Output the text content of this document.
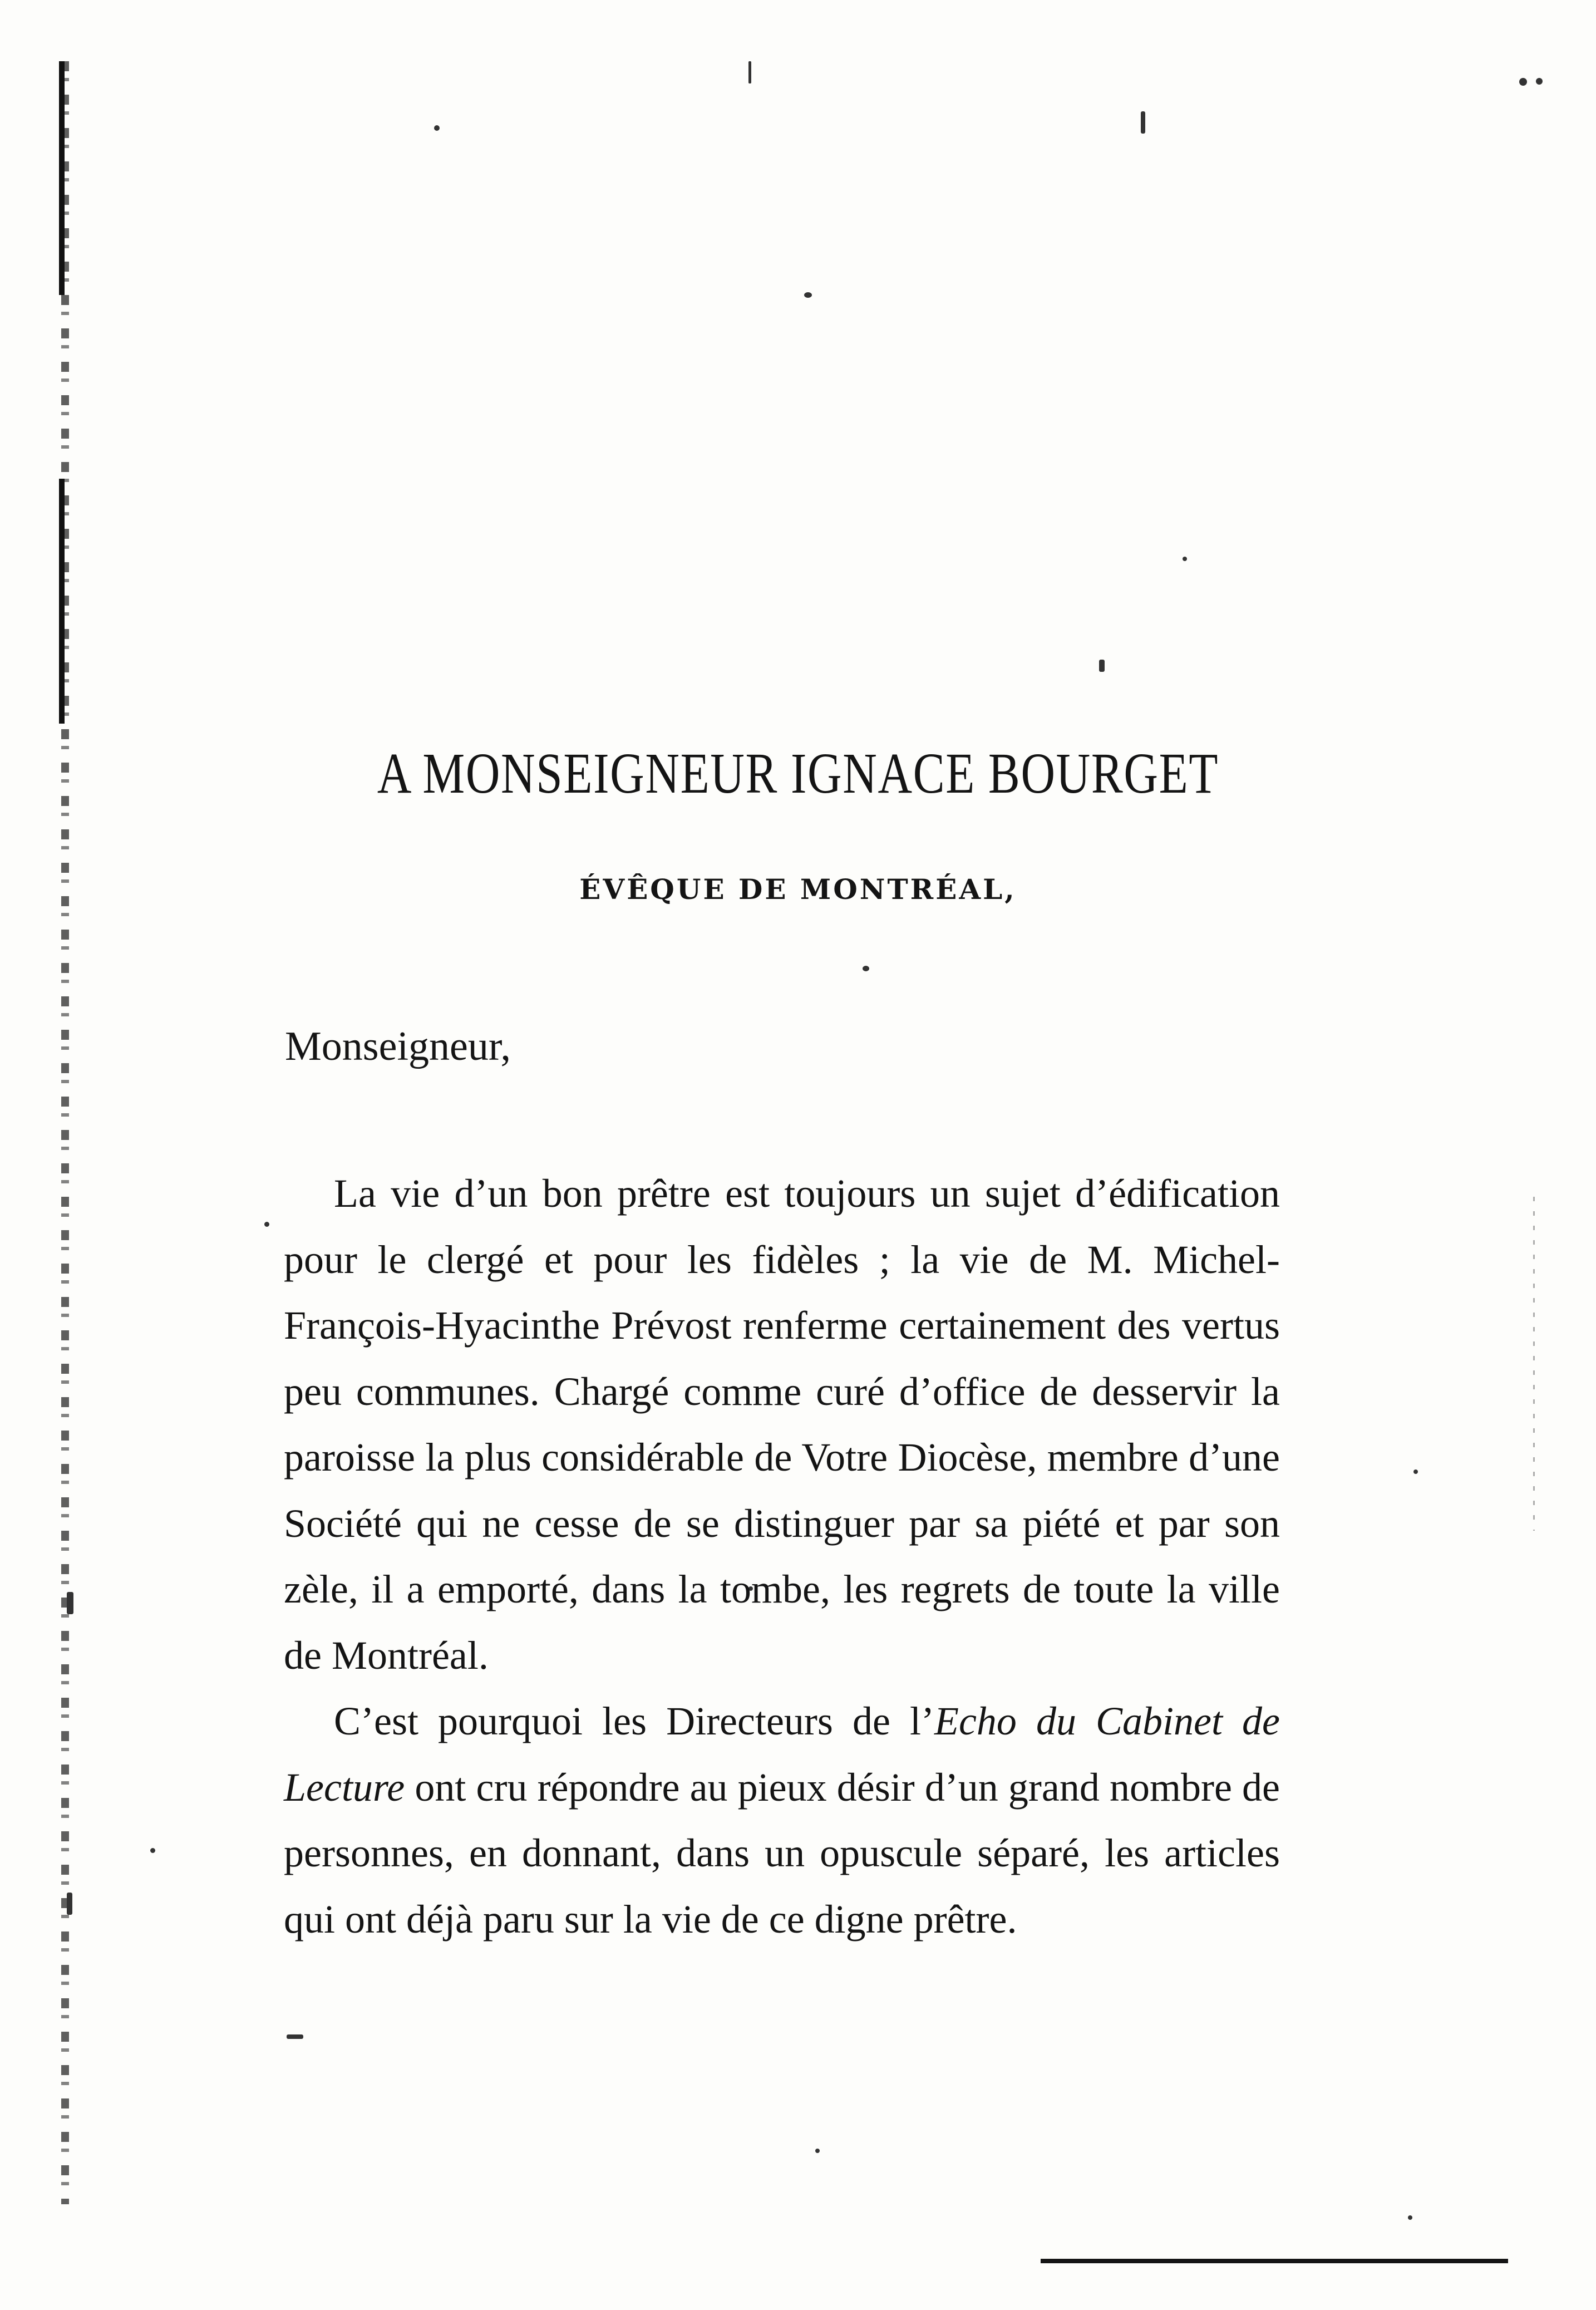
A MONSEIGNEUR IGNACE BOURGET
ÉVÊQUE DE MONTRÉAL,

Monseigneur,

La vie d’un bon prêtre est toujours un sujet d’édification pour le clergé et pour les fidèles ; la vie de M. Michel-François-Hyacinthe Prévost renferme certainement des vertus peu communes. Chargé comme curé d’office de desservir la paroisse la plus considérable de Votre Diocèse, membre d’une Société qui ne cesse de se distinguer par sa piété et par son zèle, il a emporté, dans la tombe, les regrets de toute la ville de Montréal.

C’est pourquoi les Directeurs de l’Echo du Cabinet de Lecture ont cru répondre au pieux désir d’un grand nombre de personnes, en donnant, dans un opuscule séparé, les articles qui ont déjà paru sur la vie de ce digne prêtre.
